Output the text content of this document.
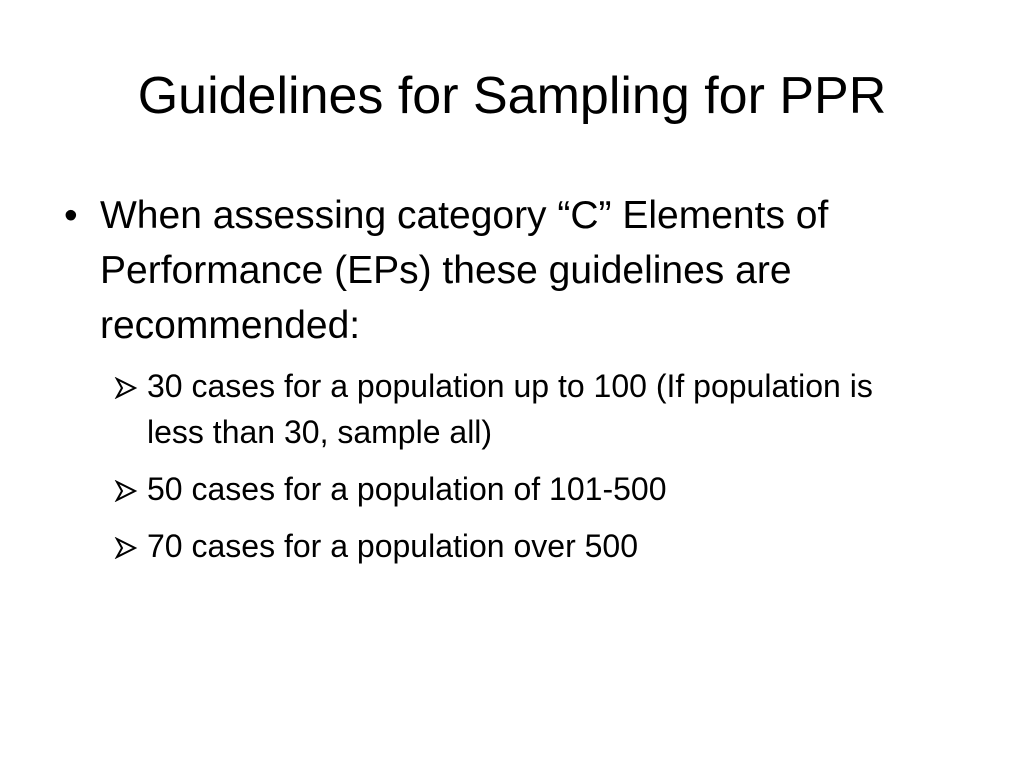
Guidelines for Sampling for PPR
• When assessing category “C” Elements of Performance (EPs) these guidelines are recommended:
30 cases for a population up to 100 (If population is less than 30, sample all)
50 cases for a population of 101-500
70 cases for a population over 500
